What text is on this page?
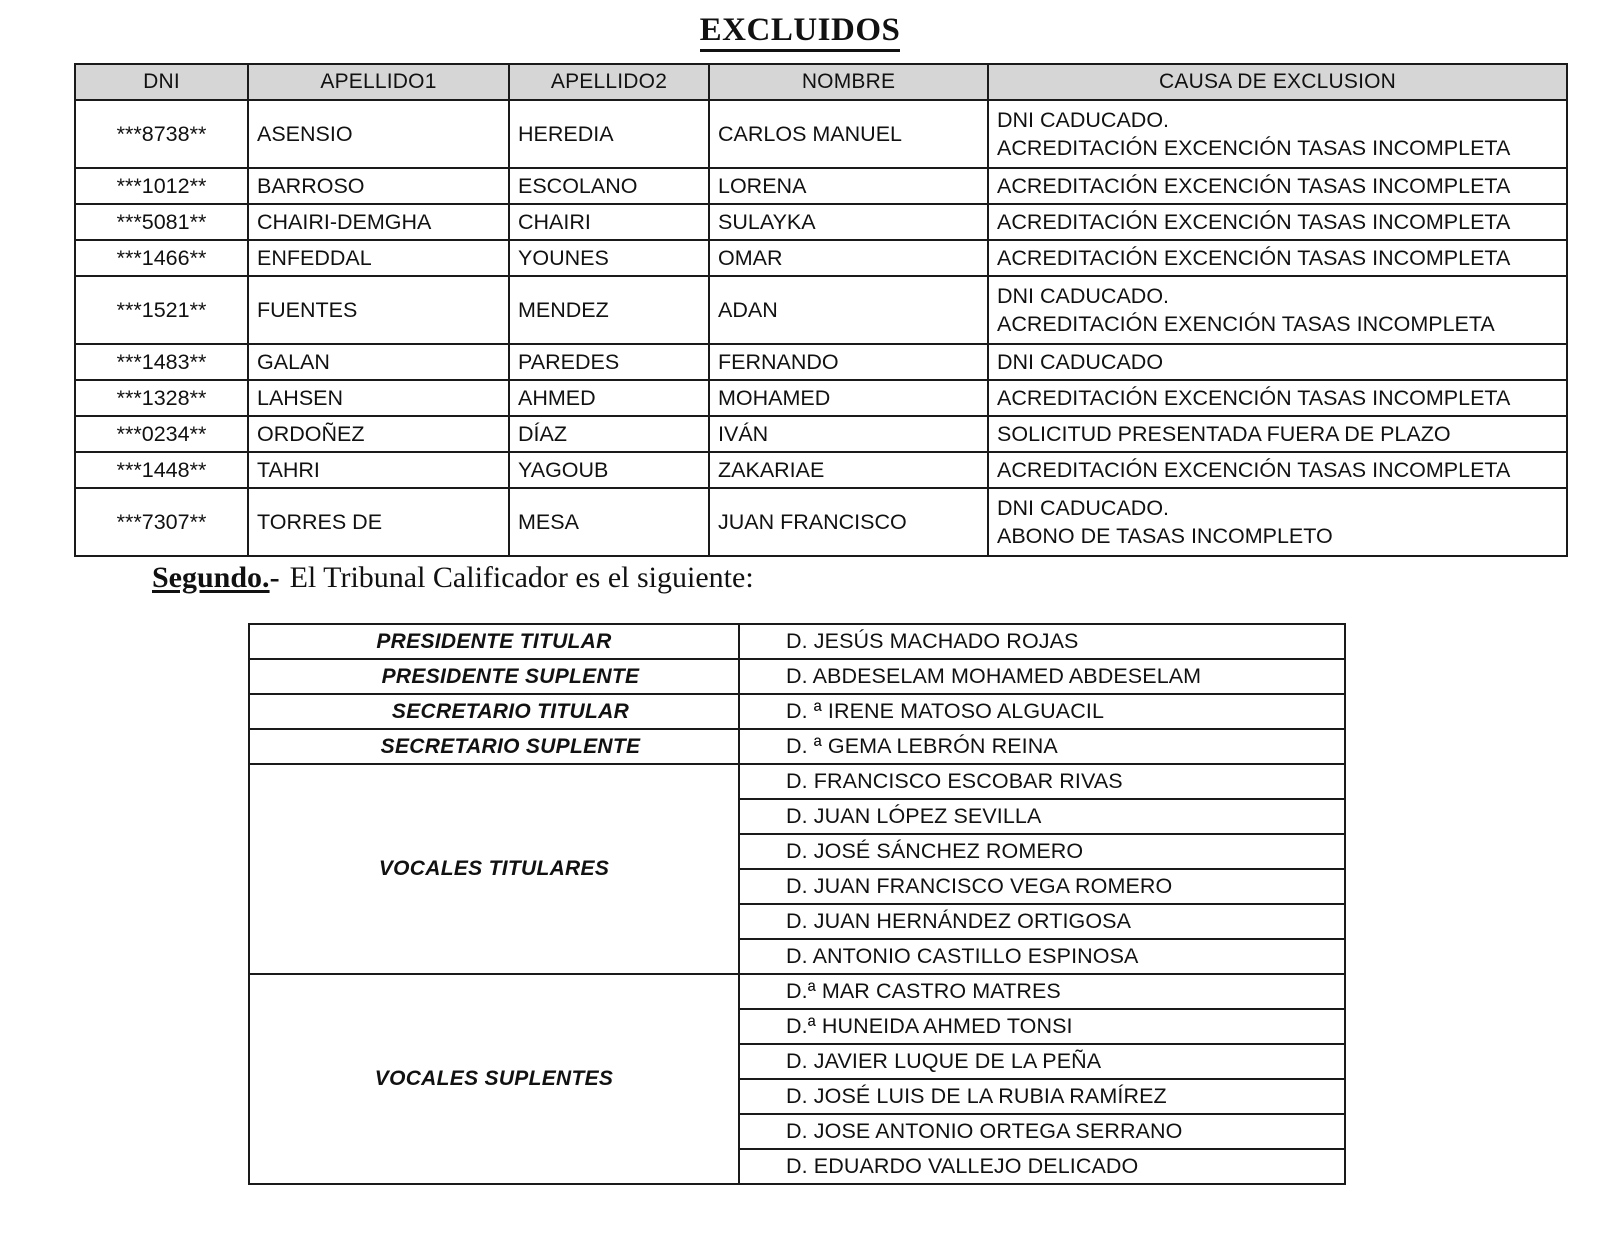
EXCLUIDOS
DNI	APELLIDO1	APELLIDO2	NOMBRE	CAUSA DE EXCLUSION
***8738**	ASENSIO	HEREDIA	CARLOS MANUEL	DNI CADUCADO.
ACREDITACIÓN EXCENCIÓN TASAS INCOMPLETA

***1012**	BARROSO	ESCOLANO	LORENA	ACREDITACIÓN EXCENCIÓN TASAS INCOMPLETA

***5081**	CHAIRI-DEMGHA	CHAIRI	SULAYKA	ACREDITACIÓN EXCENCIÓN TASAS INCOMPLETA

***1466**	ENFEDDAL	YOUNES	OMAR	ACREDITACIÓN EXCENCIÓN TASAS INCOMPLETA

***1521**	FUENTES	MENDEZ	ADAN	DNI CADUCADO.
ACREDITACIÓN EXENCIÓN TASAS INCOMPLETA

***1483**	GALAN	PAREDES	FERNANDO	DNI CADUCADO

***1328**	LAHSEN	AHMED	MOHAMED	ACREDITACIÓN EXCENCIÓN TASAS INCOMPLETA

***0234**	ORDOÑEZ	DÍAZ	IVÁN	SOLICITUD PRESENTADA FUERA DE PLAZO

***1448**	TAHRI	YAGOUB	ZAKARIAE	ACREDITACIÓN EXCENCIÓN TASAS INCOMPLETA

***7307**	TORRES DE	MESA	JUAN FRANCISCO	DNI CADUCADO.
ABONO DE TASAS INCOMPLETO
Segundo.- El Tribunal Calificador es el siguiente:
PRESIDENTE TITULAR	D. JESÚS MACHADO ROJAS
PRESIDENTE SUPLENTE	D. ABDESELAM MOHAMED ABDESELAM
SECRETARIO TITULAR	D. ª IRENE MATOSO ALGUACIL
SECRETARIO SUPLENTE	D. ª GEMA LEBRÓN REINA
VOCALES TITULARES	D. FRANCISCO ESCOBAR RIVAS
	D. JUAN LÓPEZ SEVILLA
	D. JOSÉ SÁNCHEZ ROMERO
	D. JUAN FRANCISCO VEGA ROMERO
	D. JUAN HERNÁNDEZ ORTIGOSA
	D. ANTONIO CASTILLO ESPINOSA
VOCALES SUPLENTES	D.ª MAR CASTRO MATRES
	D.ª HUNEIDA AHMED TONSI
	D. JAVIER LUQUE DE LA PEÑA
	D. JOSÉ LUIS DE LA RUBIA RAMÍREZ
	D. JOSE ANTONIO ORTEGA SERRANO
	D. EDUARDO VALLEJO DELICADO
